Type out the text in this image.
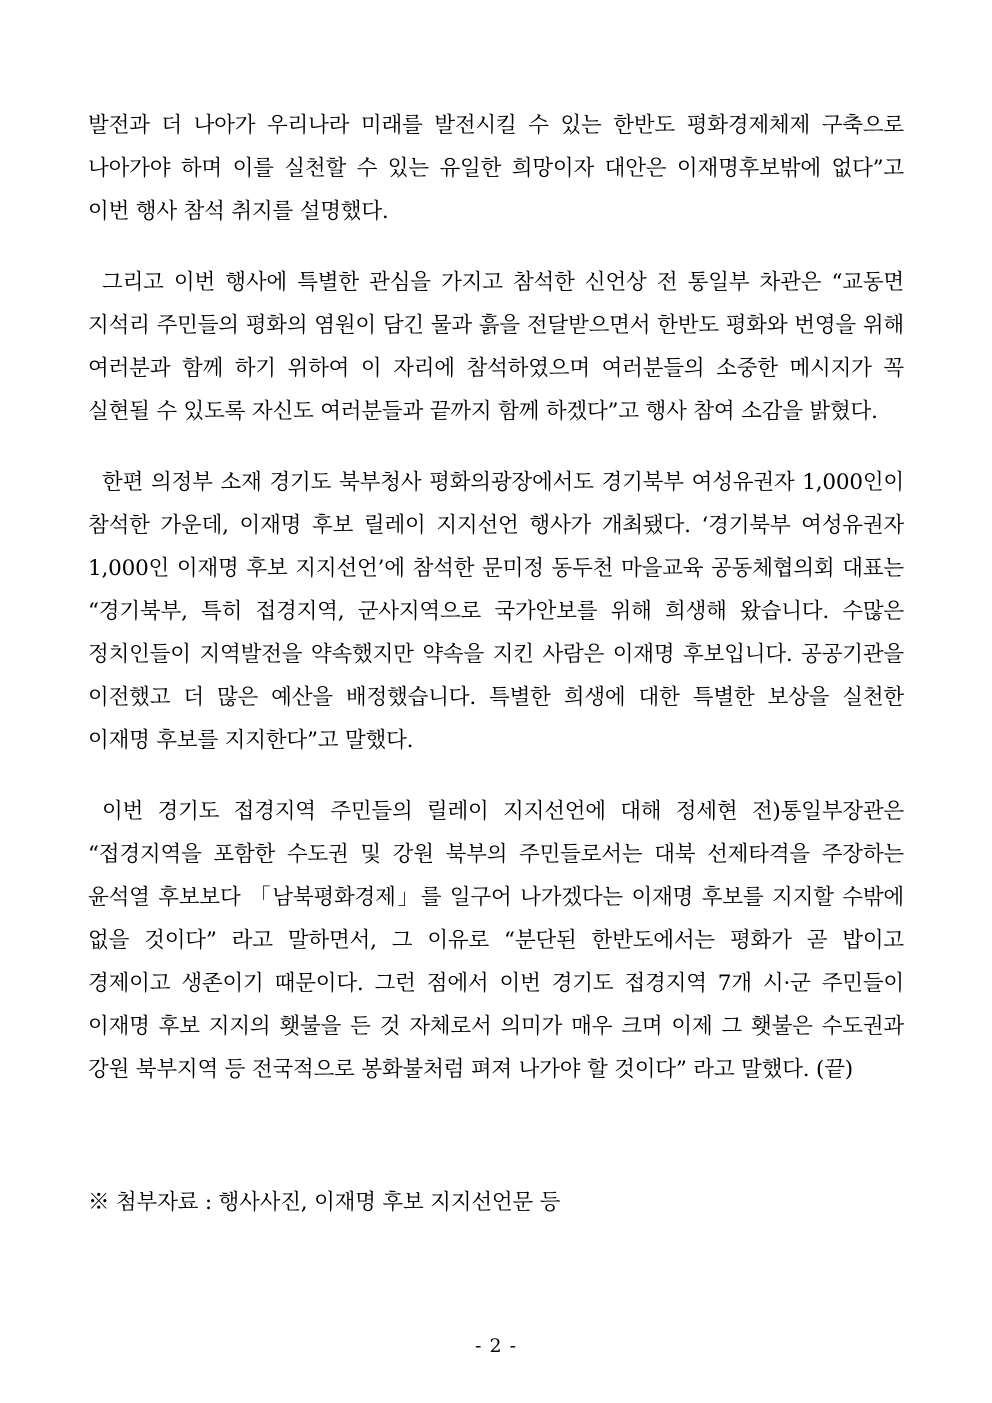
발전과 더 나아가 우리나라 미래를 발전시킬 수 있는 한반도 평화경제체제 구축으로 나아가야 하며 이를 실천할 수 있는 유일한 희망이자 대안은 이재명후보밖에 없다”고 이번 행사 참석 취지를 설명했다.

그리고 이번 행사에 특별한 관심을 가지고 참석한 신언상 전 통일부 차관은 “교동면 지석리 주민들의 평화의 염원이 담긴 물과 흙을 전달받으면서 한반도 평화와 번영을 위해 여러분과 함께 하기 위하여 이 자리에 참석하였으며 여러분들의 소중한 메시지가 꼭 실현될 수 있도록 자신도 여러분들과 끝까지 함께 하겠다”고 행사 참여 소감을 밝혔다.

한편 의정부 소재 경기도 북부청사 평화의광장에서도 경기북부 여성유권자 1,000인이 참석한 가운데, 이재명 후보 릴레이 지지선언 행사가 개최됐다. ‘경기북부 여성유권자 1,000인 이재명 후보 지지선언’에 참석한 문미정 동두천 마을교육 공동체협의회 대표는 “경기북부, 특히 접경지역, 군사지역으로 국가안보를 위해 희생해 왔습니다. 수많은 정치인들이 지역발전을 약속했지만 약속을 지킨 사람은 이재명 후보입니다. 공공기관을 이전했고 더 많은 예산을 배정했습니다. 특별한 희생에 대한 특별한 보상을 실천한 이재명 후보를 지지한다”고 말했다.

이번 경기도 접경지역 주민들의 릴레이 지지선언에 대해 정세현 전)통일부장관은 “접경지역을 포함한 수도권 및 강원 북부의 주민들로서는 대북 선제타격을 주장하는 윤석열 후보보다 「남북평화경제」를 일구어 나가겠다는 이재명 후보를 지지할 수밖에 없을 것이다” 라고 말하면서, 그 이유로 “분단된 한반도에서는 평화가 곧 밥이고 경제이고 생존이기 때문이다. 그런 점에서 이번 경기도 접경지역 7개 시·군 주민들이 이재명 후보 지지의 횃불을 든 것 자체로서 의미가 매우 크며 이제 그 횃불은 수도권과 강원 북부지역 등 전국적으로 봉화불처럼 펴져 나가야 할 것이다” 라고 말했다. (끝)

※ 첨부자료 : 행사사진, 이재명 후보 지지선언문 등

- 2 -
